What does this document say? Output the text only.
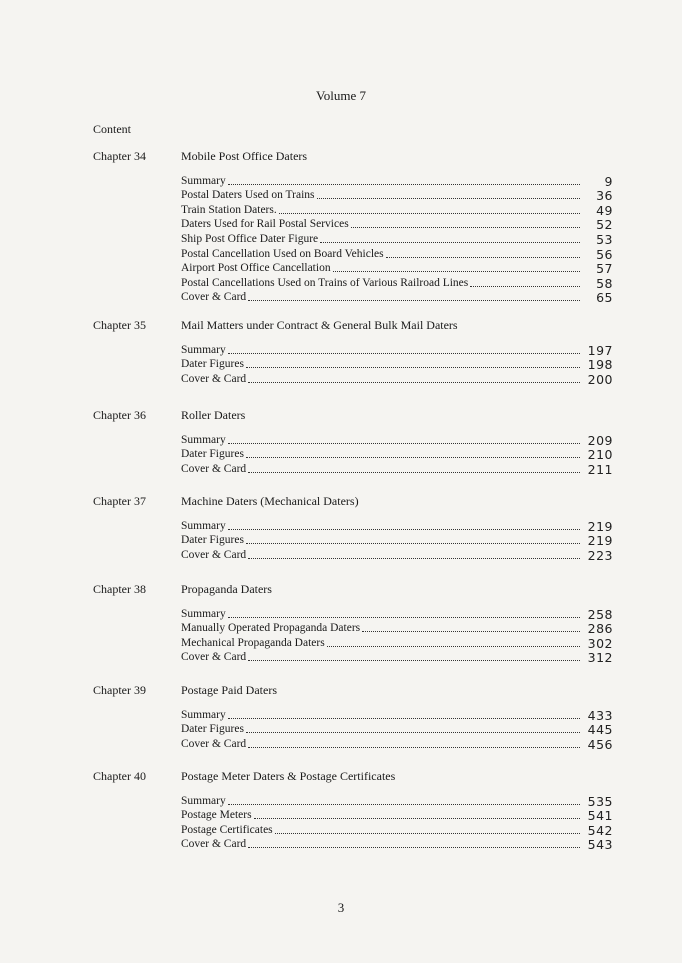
Volume 7
Content
Chapter 34	Mobile Post Office Daters
Summary	9
Postal Daters Used on Trains	36
Train Station Daters.	49
Daters Used for Rail Postal Services	52
Ship Post Office Dater Figure	53
Postal Cancellation Used on Board Vehicles	56
Airport Post Office Cancellation	57
Postal Cancellations Used on Trains of Various Railroad Lines	58
Cover & Card	65
Chapter 35	Mail Matters under Contract & General Bulk Mail Daters
Summary	197
Dater Figures	198
Cover & Card	200
Chapter 36	Roller Daters
Summary	209
Dater Figures	210
Cover & Card	211
Chapter 37	Machine Daters (Mechanical Daters)
Summary	219
Dater Figures	219
Cover & Card	223
Chapter 38	Propaganda Daters
Summary	258
Manually Operated Propaganda Daters	286
Mechanical Propaganda Daters	302
Cover & Card	312
Chapter 39	Postage Paid Daters
Summary	433
Dater Figures	445
Cover & Card	456
Chapter 40	Postage Meter Daters & Postage Certificates
Summary	535
Postage Meters	541
Postage Certificates	542
Cover & Card	543
3
